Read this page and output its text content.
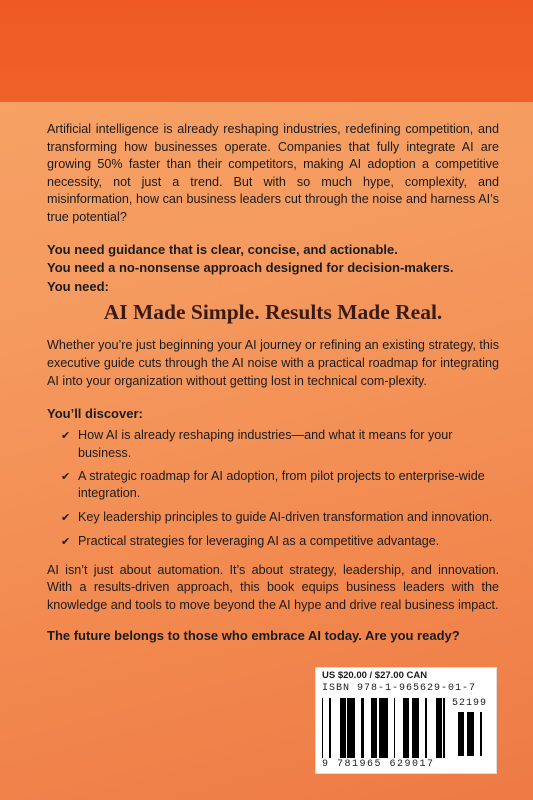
Artificial intelligence is already reshaping industries, redefining competition, and transforming how businesses operate. Companies that fully integrate AI are growing 50% faster than their competitors, making AI adoption a competitive necessity, not just a trend. But with so much hype, complexity, and misinformation, how can business leaders cut through the noise and harness AI’s true potential?

You need guidance that is clear, concise, and actionable.
You need a no-nonsense approach designed for decision-makers.
You need:
AI Made Simple. Results Made Real.

Whether you’re just beginning your AI journey or refining an existing strategy, this executive guide cuts through the AI noise with a practical roadmap for integrating AI into your organization without getting lost in technical com-plexity.

You’ll discover:
✔ How AI is already reshaping industries—and what it means for your business.
✔ A strategic roadmap for AI adoption, from pilot projects to enterprise-wide integration.
✔ Key leadership principles to guide AI-driven transformation and innovation.
✔ Practical strategies for leveraging AI as a competitive advantage.

AI isn’t just about automation. It’s about strategy, leadership, and innovation. With a results-driven approach, this book equips business leaders with the knowledge and tools to move beyond the AI hype and drive real business impact.

The future belongs to those who embrace AI today. Are you ready?
US $20.00 / $27.00 CAN
ISBN 978-1-965629-01-7
52199
9 781965 629017
